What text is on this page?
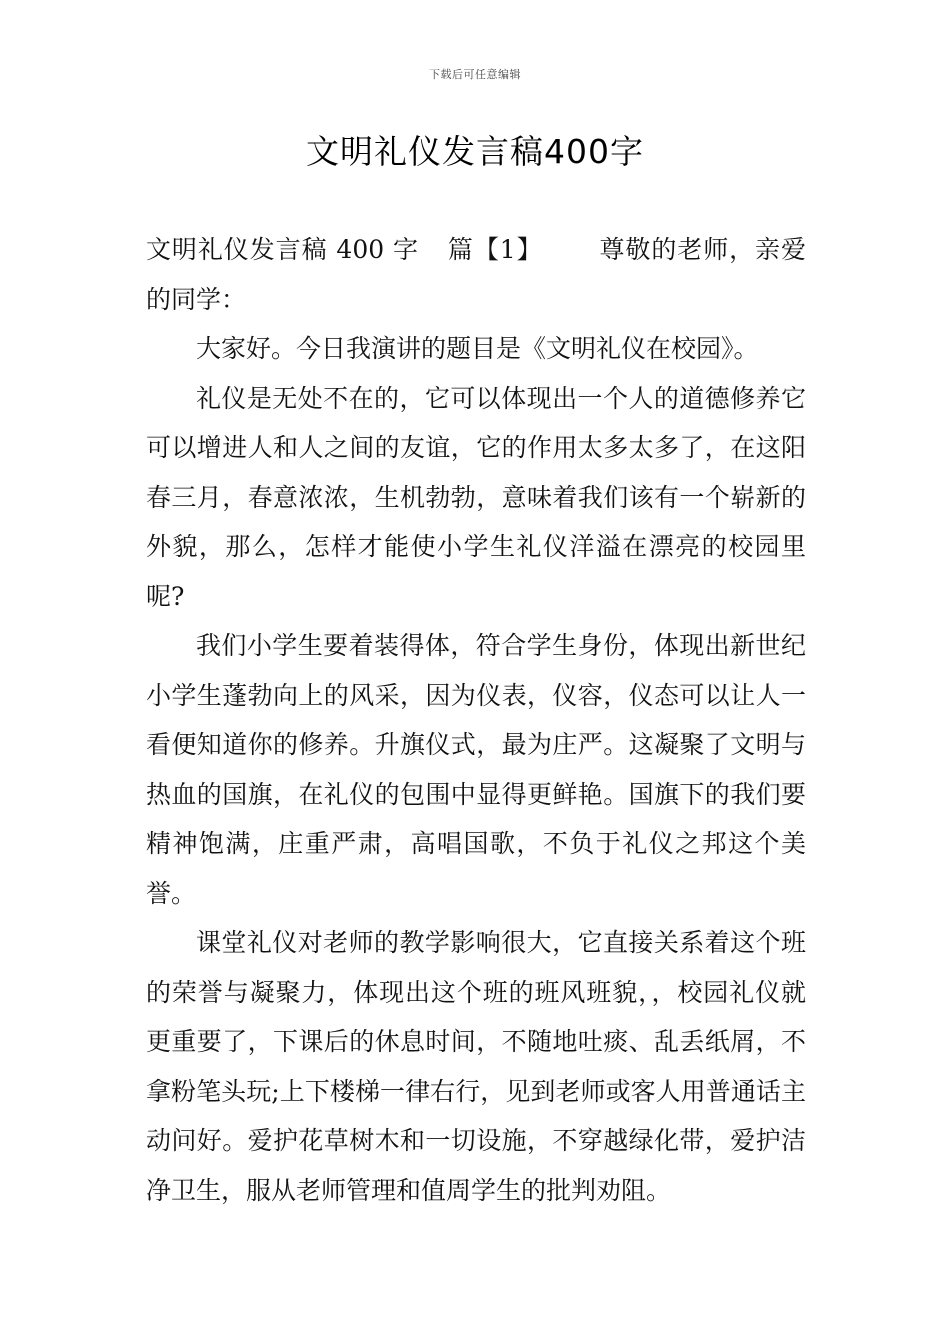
下载后可任意编辑
文明礼仪发言稿400字

文明礼仪发言稿 400 字 篇【1】 尊敬的老师，亲爱的同学：

大家好。今日我演讲的题目是《文明礼仪在校园》。

礼仪是无处不在的，它可以体现出一个人的道德修养它可以增进人和人之间的友谊，它的作用太多太多了，在这阳春三月，春意浓浓，生机勃勃，意味着我们该有一个崭新的外貌，那么，怎样才能使小学生礼仪洋溢在漂亮的校园里呢?

我们小学生要着装得体，符合学生身份，体现出新世纪小学生蓬勃向上的风采，因为仪表，仪容，仪态可以让人一看便知道你的修养。升旗仪式，最为庄严。这凝聚了文明与热血的国旗，在礼仪的包围中显得更鲜艳。国旗下的我们要精神饱满，庄重严肃，高唱国歌，不负于礼仪之邦这个美誉。

课堂礼仪对老师的教学影响很大，它直接关系着这个班的荣誉与凝聚力，体现出这个班的班风班貌，，校园礼仪就更重要了，下课后的休息时间，不随地吐痰、乱丢纸屑，不拿粉笔头玩;上下楼梯一律右行，见到老师或客人用普通话主动问好。爱护花草树木和一切设施，不穿越绿化带，爱护洁净卫生，服从老师管理和值周学生的批判劝阻。
